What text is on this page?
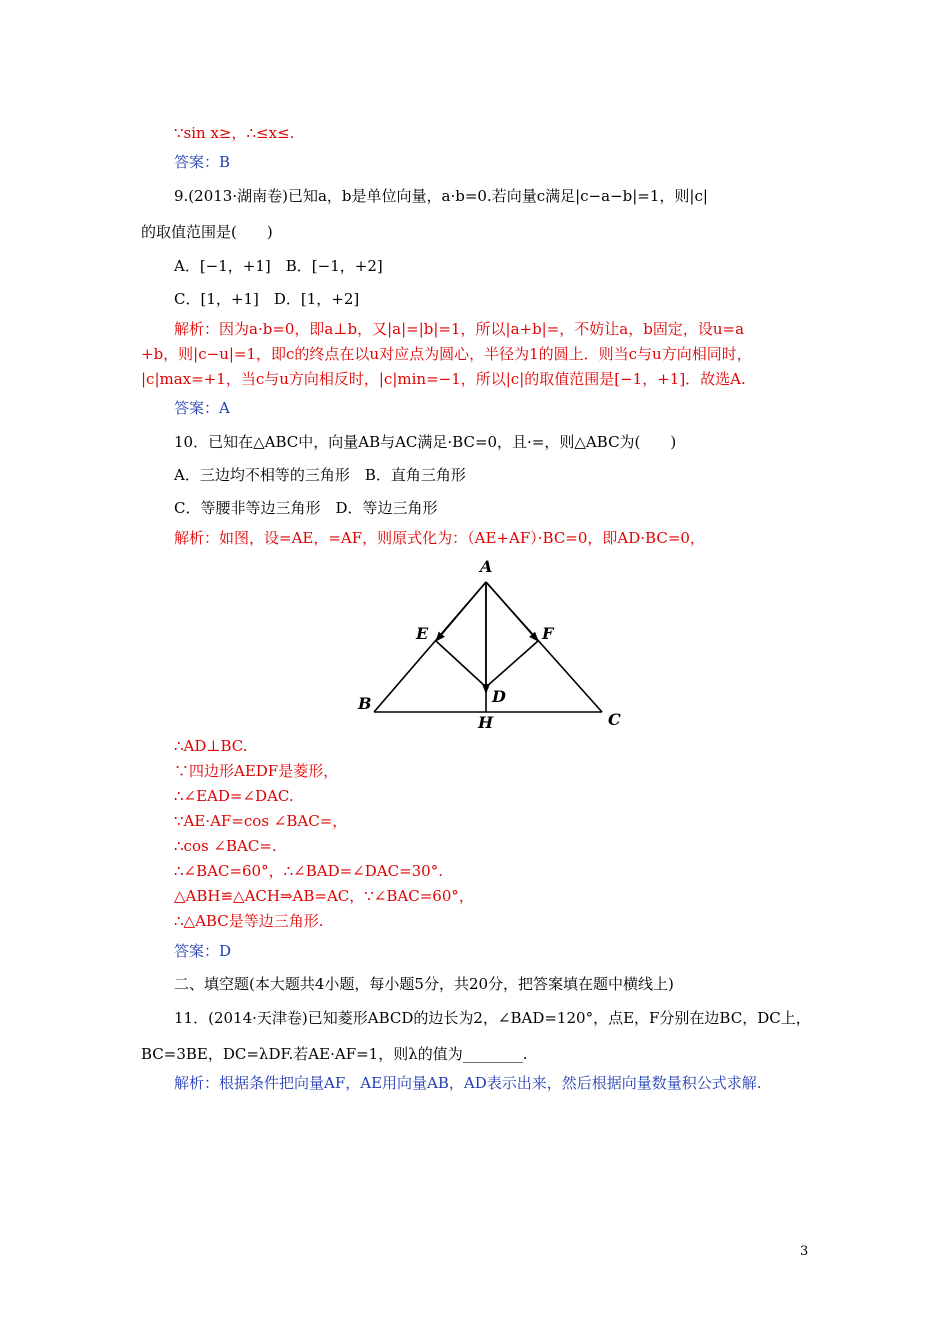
∵sin x≥，∴≤x≤.
答案：B
9.(2013·湖南卷)已知a，b是单位向量，a·b=0.若向量c满足|c−a−b|=1，则|c|
的取值范围是(　　)
A．[−1，+1]　B．[−1，+2]
C．[1，+1]　D．[1，+2]
解析：因为a·b=0，即a⊥b，又|a|=|b|=1，所以|a+b|=，不妨让a，b固定，设u=a
+b，则|c−u|=1，即c的终点在以u对应点为圆心，半径为1的圆上．则当c与u方向相同时，
|c|max=+1，当c与u方向相反时，|c|min=−1，所以|c|的取值范围是[−1，+1]．故选A.
答案：A
10．已知在△ABC中，向量AB与AC满足·BC=0，且·=，则△ABC为(　　)
A．三边均不相等的三角形　B．直角三角形
C．等腰非等边三角形　D．等边三角形
解析：如图，设=AE，=AF，则原式化为：（AE+AF）·BC=0，即AD·BC=0，
A
E	F
D
B
H	C
∴AD⊥BC.
∵四边形AEDF是菱形，
∴∠EAD=∠DAC.
∵AE·AF=cos ∠BAC=，
∴cos ∠BAC=.
∴∠BAC=60°，∴∠BAD=∠DAC=30°.
△ABH≌△ACH⇒AB=AC，∵∠BAC=60°，
∴△ABC是等边三角形.
答案：D
二、填空题(本大题共4小题，每小题5分，共20分，把答案填在题中横线上)
11．(2014·天津卷)已知菱形ABCD的边长为2，∠BAD=120°，点E，F分别在边BC，DC上，
BC=3BE，DC=λDF.若AE·AF=1，则λ的值为________.
解析：根据条件把向量AF，AE用向量AB，AD表示出来，然后根据向量数量积公式求解.
3
